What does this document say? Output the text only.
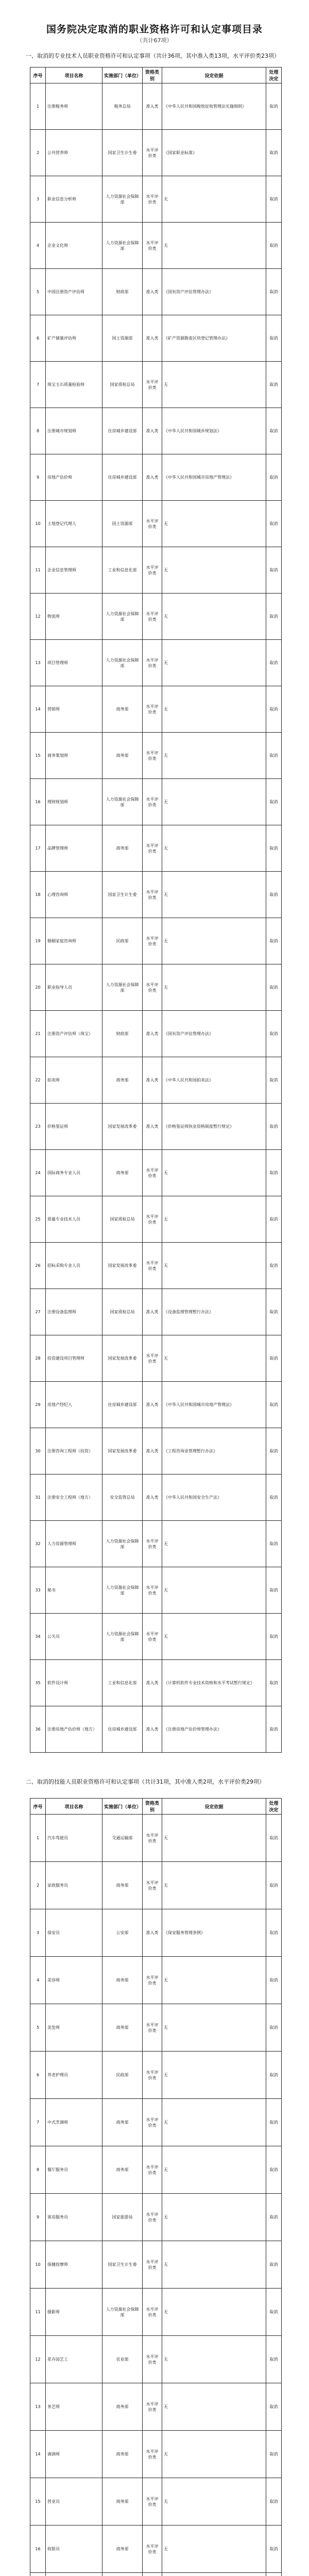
国务院决定取消的职业资格许可和认定事项目录
（共计67项）
一、取消的专业技术人员职业资格许可和认定事项（共计36项，其中准入类13项，水平评价类23项）
序号	项目名称	实施部门（单位）	资格类别	设定依据	处理决定
1	注册税务师	税务总局	准入类	《中华人民共和国税收征收管理法实施细则》	取消
2	公共营养师	国家卫生计生委	水平评价类	《国家职业标准》	取消
3	职业信息分析师	人力资源社会保障部	水平评价类	无	取消
4	企业文化师	人力资源社会保障部	水平评价类	无	取消
5	中国注册资产评估师	财政部	准入类	《国有资产评估管理办法》	取消
6	矿产储量评估师	国土资源部	准入类	《矿产资源勘查区块登记管理办法》	取消
7	珠宝玉石质量检验师	国家质检总局	水平评价类	无	取消
8	注册城市规划师	住房城乡建设部	准入类	《中华人民共和国城乡规划法》	取消
9	房地产估价师	住房城乡建设部	准入类	《中华人民共和国城市房地产管理法》	取消
10	土地登记代理人	国土资源部	水平评价类	无	取消
11	企业信息管理师	工业和信息化部	水平评价类	无	取消
12	物流师	人力资源社会保障部	水平评价类	无	取消
13	项目管理师	人力资源社会保障部	水平评价类	无	取消
14	营销师	商务部	水平评价类	无	取消
15	商务策划师	商务部	水平评价类	无	取消
16	理财规划师	人力资源社会保障部	水平评价类	无	取消
17	品牌管理师	商务部	水平评价类	无	取消
18	心理咨询师	国家卫生计生委	水平评价类	无	取消
19	婚姻家庭咨询师	民政部	水平评价类	无	取消
20	职业指导人员	人力资源社会保障部	水平评价类	无	取消
21	注册资产评估师（珠宝）	财政部	准入类	《国有资产评估管理办法》	取消
22	拍卖师	商务部	准入类	《中华人民共和国拍卖法》	取消
23	价格鉴证师	国家发展改革委	准入类	《价格鉴证师执业资格制度暂行规定》	取消
24	国际商务专业人员	商务部	水平评价类	无	取消
25	质量专业技术人员	国家质检总局	水平评价类	无	取消
26	招标采购专业人员	国家发展改革委	水平评价类	无	取消
27	注册设备监理师	国家质检总局	准入类	《设备监理管理暂行办法》	取消
28	投资建设项目管理师	国家发展改革委	水平评价类	无	取消
29	房地产经纪人	住房城乡建设部	准入类	《中华人民共和国城市房地产管理法》	取消
30	注册咨询工程师（投资）	国家发展改革委	准入类	《工程咨询业管理暂行办法》	取消
31	注册安全工程师（地方）	安全监管总局	准入类	《中华人民共和国安全生产法》	取消
32	人力资源管理师	人力资源社会保障部	水平评价类	无	取消
33	秘书	人力资源社会保障部	水平评价类	无	取消
34	公关员	人力资源社会保障部	水平评价类	无	取消
35	软件设计师	工业和信息化部	准入类	《计算机软件专业技术资格和水平考试暂行规定》	取消
36	注册房地产估价师（地方）	住房城乡建设部	准入类	《注册房地产估价师管理办法》	取消
二、取消的技能人员职业资格许可和认定事项（共计31项，其中准入类2项，水平评价类29项）
序号	项目名称	实施部门（单位）	资格类别	设定依据	处理决定
1	汽车驾驶员	交通运输部	水平评价类	无	取消
2	家政服务员	商务部	水平评价类	无	取消
3	保安员	公安部	准入类	《保安服务管理条例》	取消
4	美容师	商务部	水平评价类	无	取消
5	美发师	商务部	水平评价类	无	取消
6	养老护理员	民政部	水平评价类	无	取消
7	中式烹调师	商务部	水平评价类	无	取消
8	餐厅服务员	商务部	水平评价类	无	取消
9	客房服务员	国家旅游局	水平评价类	无	取消
10	保健按摩师	国家卫生计生委	水平评价类	无	取消
11	摄影师	人力资源社会保障部	水平评价类	无	取消
12	花卉园艺工	农业部	水平评价类	无	取消
13	茶艺师	商务部	水平评价类	无	取消
14	调酒师	商务部	水平评价类	无	取消
15	营业员	商务部	水平评价类	无	取消
16	收银员	商务部	水平评价类	无	取消
